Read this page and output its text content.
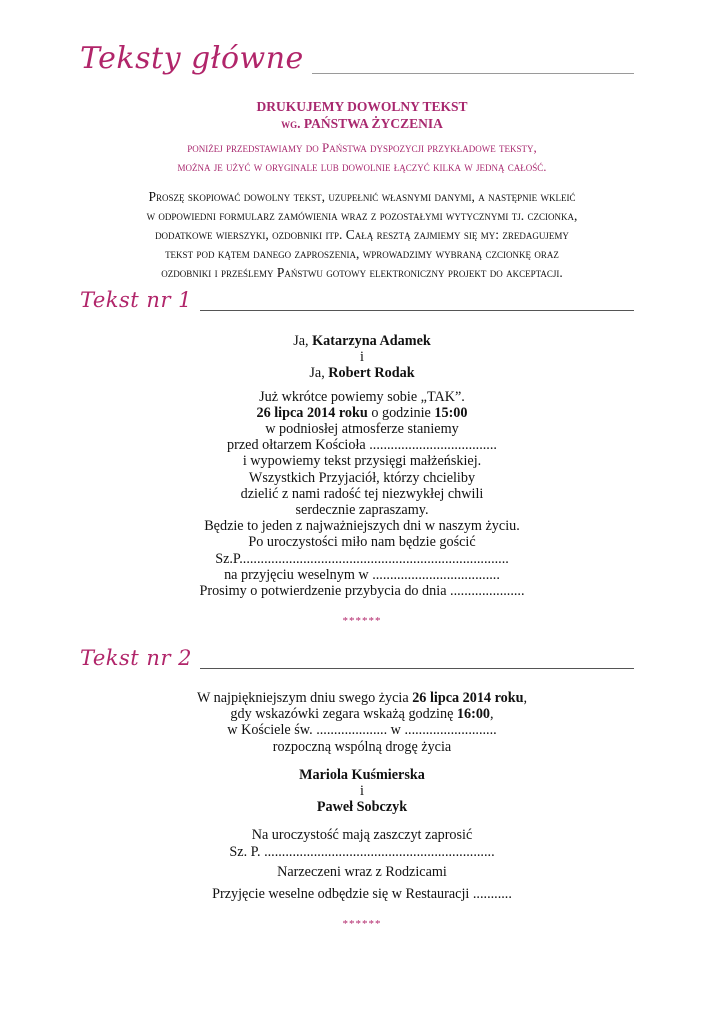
Teksty główne
DRUKUJEMY DOWOLNY TEKST
wg. PAŃSTWA ŻYCZENIA
poniżej przedstawiamy do Państwa dyspozycji przykładowe teksty,
można je użyć w oryginale lub dowolnie łączyć kilka w jedną całość.
Proszę skopiować dowolny tekst, uzupełnić własnymi danymi, a następnie wkleić
w odpowiedni formularz zamówienia wraz z pozostałymi wytycznymi tj. czcionka,
dodatkowe wierszyki, ozdobniki itp. Całą resztą zajmiemy się my: zredagujemy
tekst pod kątem danego zaproszenia, wprowadzimy wybraną czcionkę oraz
ozdobniki i prześlemy Państwu gotowy elektroniczny projekt do akceptacji.
Tekst nr 1
Ja, Katarzyna Adamek
i
Ja, Robert Rodak
Już wkrótce powiemy sobie „TAK”.
26 lipca 2014 roku o godzinie 15:00
w podniosłej atmosferze staniemy
przed ołtarzem Kościoła ....................................
i wypowiemy tekst przysięgi małżeńskiej.
Wszystkich Przyjaciół, którzy chcieliby
dzielić z nami radość tej niezwykłej chwili
serdecznie zapraszamy.
Będzie to jeden z najważniejszych dni w naszym życiu.
Po uroczystości miło nam będzie gościć
Sz.P............................................................................
na przyjęciu weselnym w ....................................
Prosimy o potwierdzenie przybycia do dnia .....................
******
Tekst nr 2
W najpiękniejszym dniu swego życia 26 lipca 2014 roku,
gdy wskazówki zegara wskażą godzinę 16:00,
w Kościele św. .................... w ..........................
rozpoczną wspólną drogę życia
Mariola Kuśmierska
i
Paweł Sobczyk
Na uroczystość mają zaszczyt zaprosić
Sz. P. .................................................................
Narzeczeni wraz z Rodzicami
Przyjęcie weselne odbędzie się w Restauracji ...........
******
